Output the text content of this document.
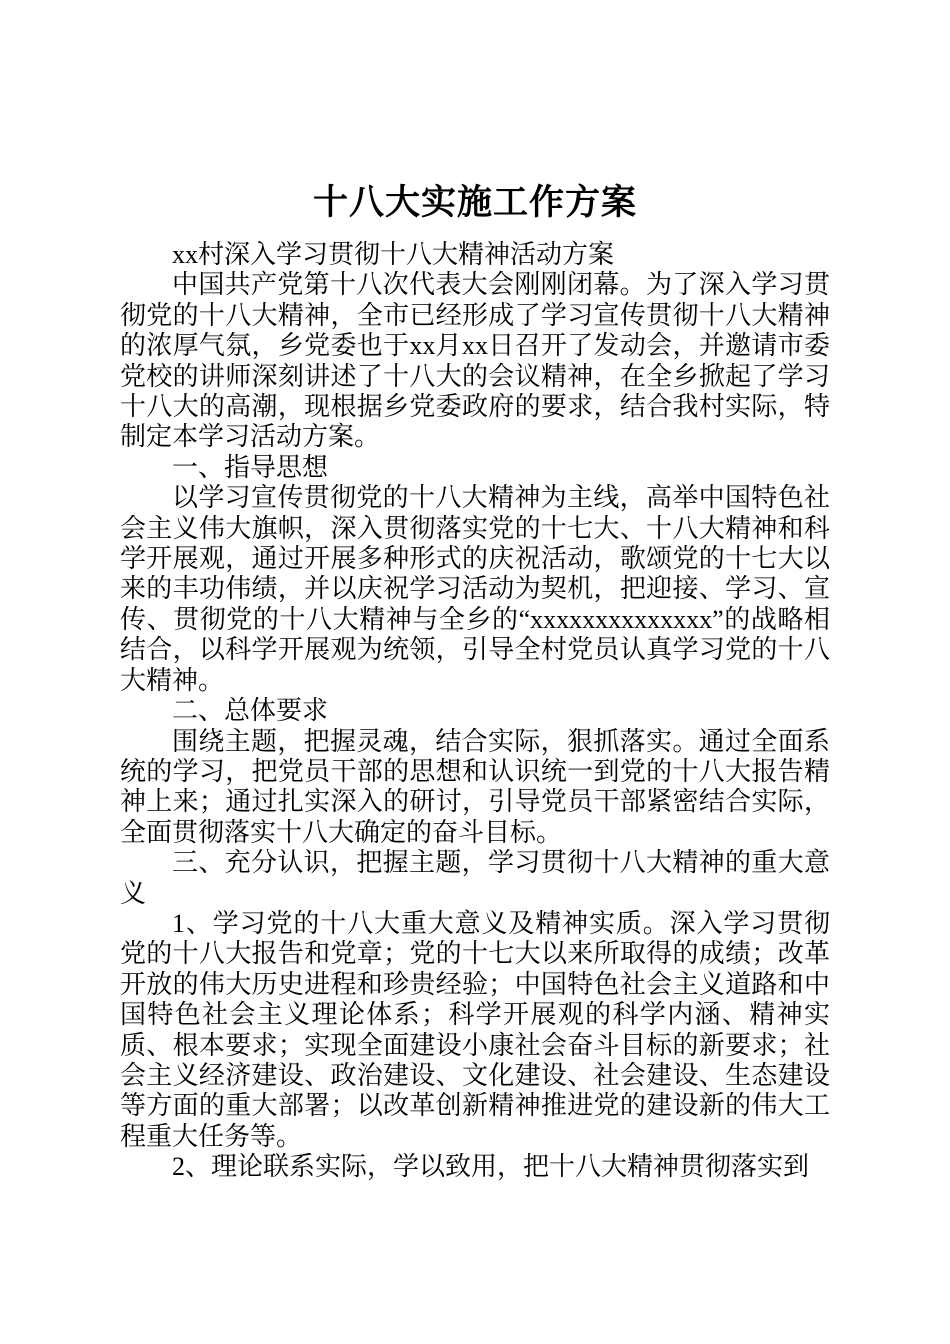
十八大实施工作方案

xx村深入学习贯彻十八大精神活动方案

中国共产党第十八次代表大会刚刚闭幕。为了深入学习贯彻党的十八大精神，全市已经形成了学习宣传贯彻十八大精神的浓厚气氛，乡党委也于xx月xx日召开了发动会，并邀请市委党校的讲师深刻讲述了十八大的会议精神，在全乡掀起了学习十八大的高潮，现根据乡党委政府的要求，结合我村实际，特制定本学习活动方案。

一、指导思想

以学习宣传贯彻党的十八大精神为主线，高举中国特色社会主义伟大旗帜，深入贯彻落实党的十七大、十八大精神和科学开展观，通过开展多种形式的庆祝活动，歌颂党的十七大以来的丰功伟绩，并以庆祝学习活动为契机，把迎接、学习、宣传、贯彻党的十八大精神与全乡的“xxxxxxxxxxxxxx”的战略相结合，以科学开展观为统领，引导全村党员认真学习党的十八大精神。

二、总体要求

围绕主题，把握灵魂，结合实际，狠抓落实。通过全面系统的学习，把党员干部的思想和认识统一到党的十八大报告精神上来；通过扎实深入的研讨，引导党员干部紧密结合实际，全面贯彻落实十八大确定的奋斗目标。

三、充分认识，把握主题，学习贯彻十八大精神的重大意义

1、学习党的十八大重大意义及精神实质。深入学习贯彻党的十八大报告和党章；党的十七大以来所取得的成绩；改革开放的伟大历史进程和珍贵经验；中国特色社会主义道路和中国特色社会主义理论体系；科学开展观的科学内涵、精神实质、根本要求；实现全面建设小康社会奋斗目标的新要求；社会主义经济建设、政治建设、文化建设、社会建设、生态建设等方面的重大部署；以改革创新精神推进党的建设新的伟大工程重大任务等。

2、理论联系实际，学以致用，把十八大精神贯彻落实到
